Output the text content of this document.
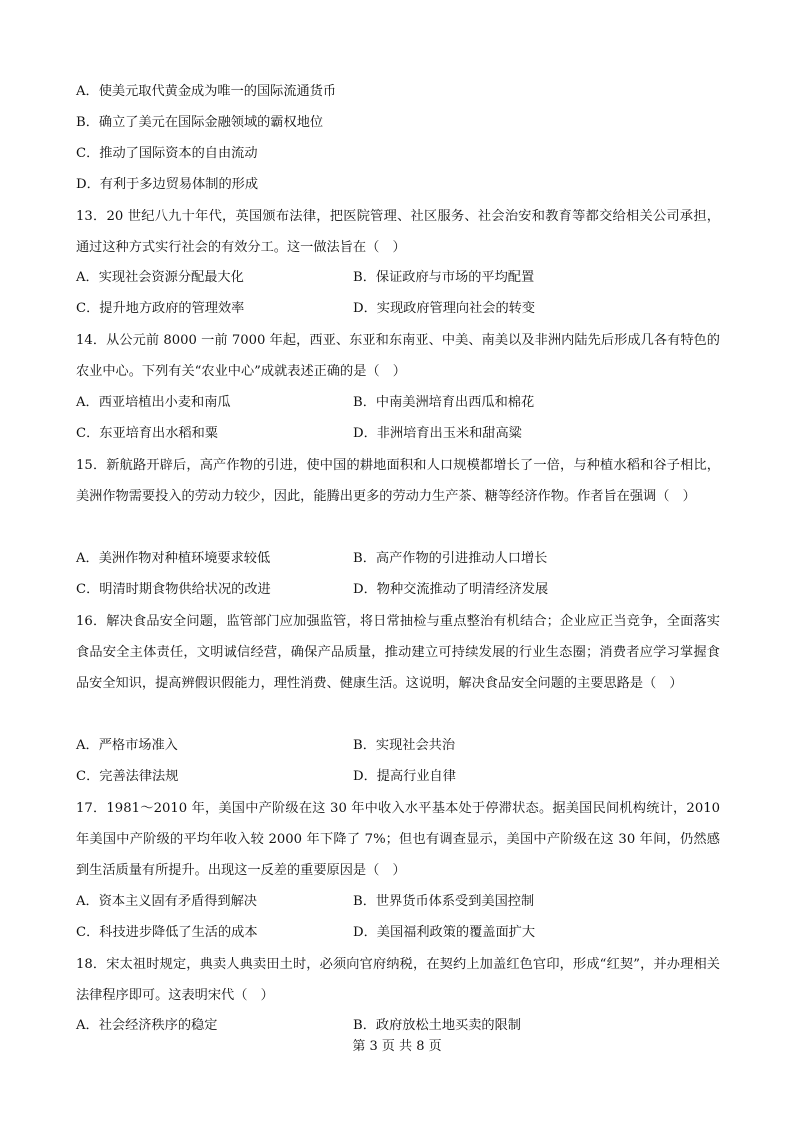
A．使美元取代黄金成为唯一的国际流通货币
B．确立了美元在国际金融领域的霸权地位
C．推动了国际资本的自由流动
D．有利于多边贸易体制的形成
13．20 世纪八九十年代，英国颁布法律，把医院管理、社区服务、社会治安和教育等都交给相关公司承担，通过这种方式实行社会的有效分工。这一做法旨在（　）
A．实现社会资源分配最大化	B．保证政府与市场的平均配置
C．提升地方政府的管理效率	D．实现政府管理向社会的转变
14．从公元前 8000 一前 7000 年起，西亚、东亚和东南亚、中美、南美以及非洲内陆先后形成几各有特色的农业中心。下列有关“农业中心”成就表述正确的是（　）
A．西亚培植出小麦和南瓜	B．中南美洲培育出西瓜和棉花
C．东亚培育出水稻和粟	D．非洲培育出玉米和甜高粱
15．新航路开辟后，高产作物的引进，使中国的耕地面积和人口规模都增长了一倍，与种植水稻和谷子相比，美洲作物需要投入的劳动力较少，因此，能腾出更多的劳动力生产茶、糖等经济作物。作者旨在强调（　）
A．美洲作物对种植环境要求较低	B．高产作物的引进推动人口增长
C．明清时期食物供给状况的改进	D．物种交流推动了明清经济发展
16．解决食品安全问题，监管部门应加强监管，将日常抽检与重点整治有机结合；企业应正当竞争，全面落实食品安全主体责任，文明诚信经营，确保产品质量，推动建立可持续发展的行业生态圈；消费者应学习掌握食品安全知识，提高辨假识假能力，理性消费、健康生活。这说明，解决食品安全问题的主要思路是（　）
A．严格市场准入	B．实现社会共治
C．完善法律法规	D．提高行业自律
17．1981～2010 年，美国中产阶级在这 30 年中收入水平基本处于停滞状态。据美国民间机构统计，2010 年美国中产阶级的平均年收入较 2000 年下降了 7%；但也有调查显示，美国中产阶级在这 30 年间，仍然感到生活质量有所提升。出现这一反差的重要原因是（　）
A．资本主义固有矛盾得到解决	B．世界货币体系受到美国控制
C．科技进步降低了生活的成本	D．美国福利政策的覆盖面扩大
18．宋太祖时规定，典卖人典卖田土时，必须向官府纳税，在契约上加盖红色官印，形成“红契”，并办理相关法律程序即可。这表明宋代（　）
A．社会经济秩序的稳定	B．政府放松土地买卖的限制
第 3 页 共 8 页
